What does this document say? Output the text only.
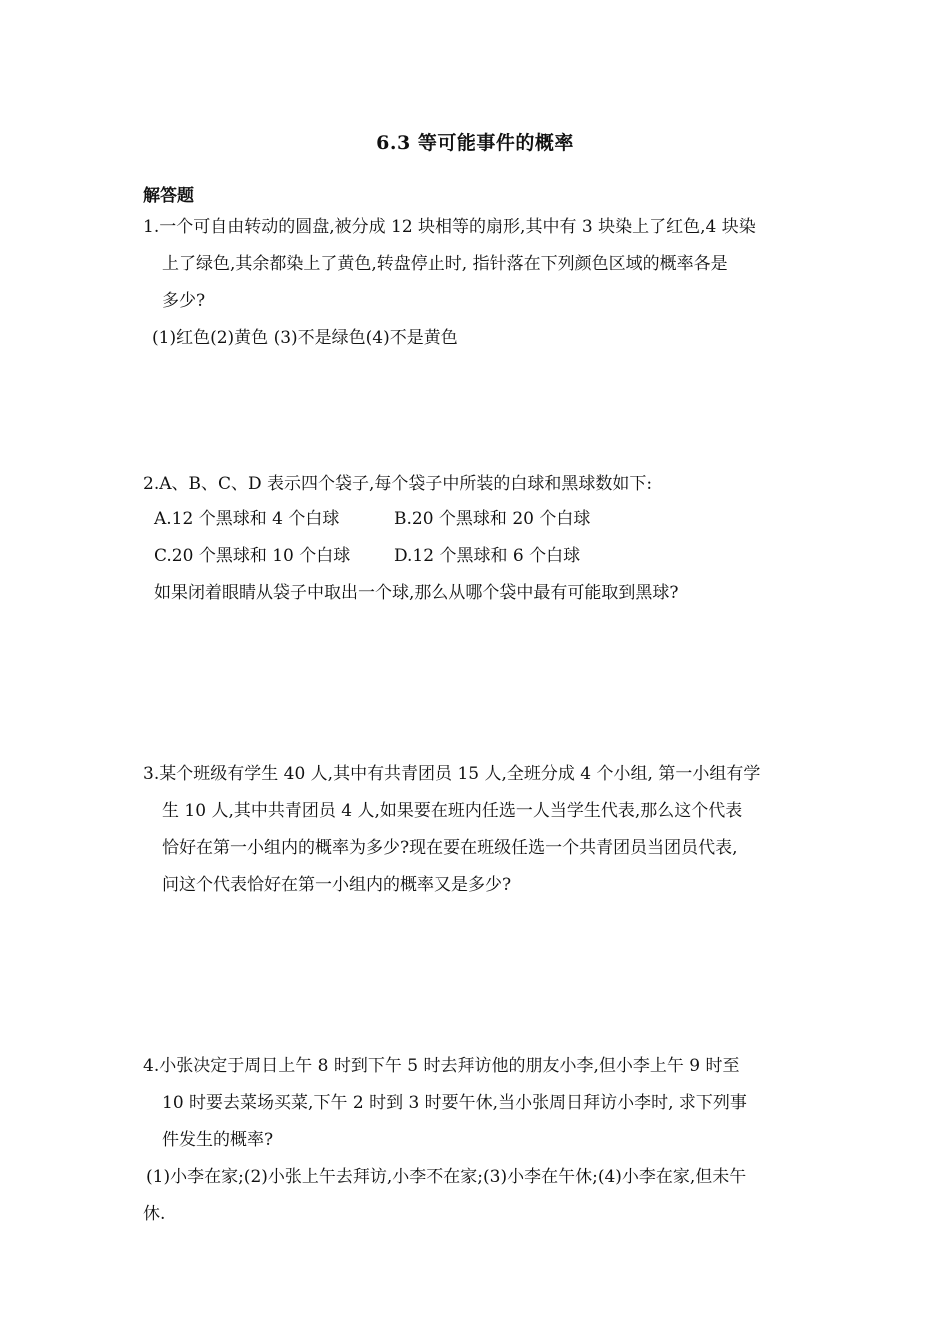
6.3 等可能事件的概率
解答题
1.一个可自由转动的圆盘,被分成 12 块相等的扇形,其中有 3 块染上了红色,4 块染
上了绿色,其余都染上了黄色,转盘停止时, 指针落在下列颜色区域的概率各是
多少?
(1)红色(2)黄色 (3)不是绿色(4)不是黄色
2.A、B、C、D 表示四个袋子,每个袋子中所装的白球和黑球数如下:
A.12 个黑球和 4 个白球	B.20 个黑球和 20 个白球
C.20 个黑球和 10 个白球	D.12 个黑球和 6 个白球
如果闭着眼睛从袋子中取出一个球,那么从哪个袋中最有可能取到黑球?
3.某个班级有学生 40 人,其中有共青团员 15 人,全班分成 4 个小组, 第一小组有学
生 10 人,其中共青团员 4 人,如果要在班内任选一人当学生代表,那么这个代表
恰好在第一小组内的概率为多少?现在要在班级任选一个共青团员当团员代表,
问这个代表恰好在第一小组内的概率又是多少?
4.小张决定于周日上午 8 时到下午 5 时去拜访他的朋友小李,但小李上午 9 时至
10 时要去菜场买菜,下午 2 时到 3 时要午休,当小张周日拜访小李时, 求下列事
件发生的概率?
(1)小李在家;(2)小张上午去拜访,小李不在家;(3)小李在午休;(4)小李在家,但未午
休.
